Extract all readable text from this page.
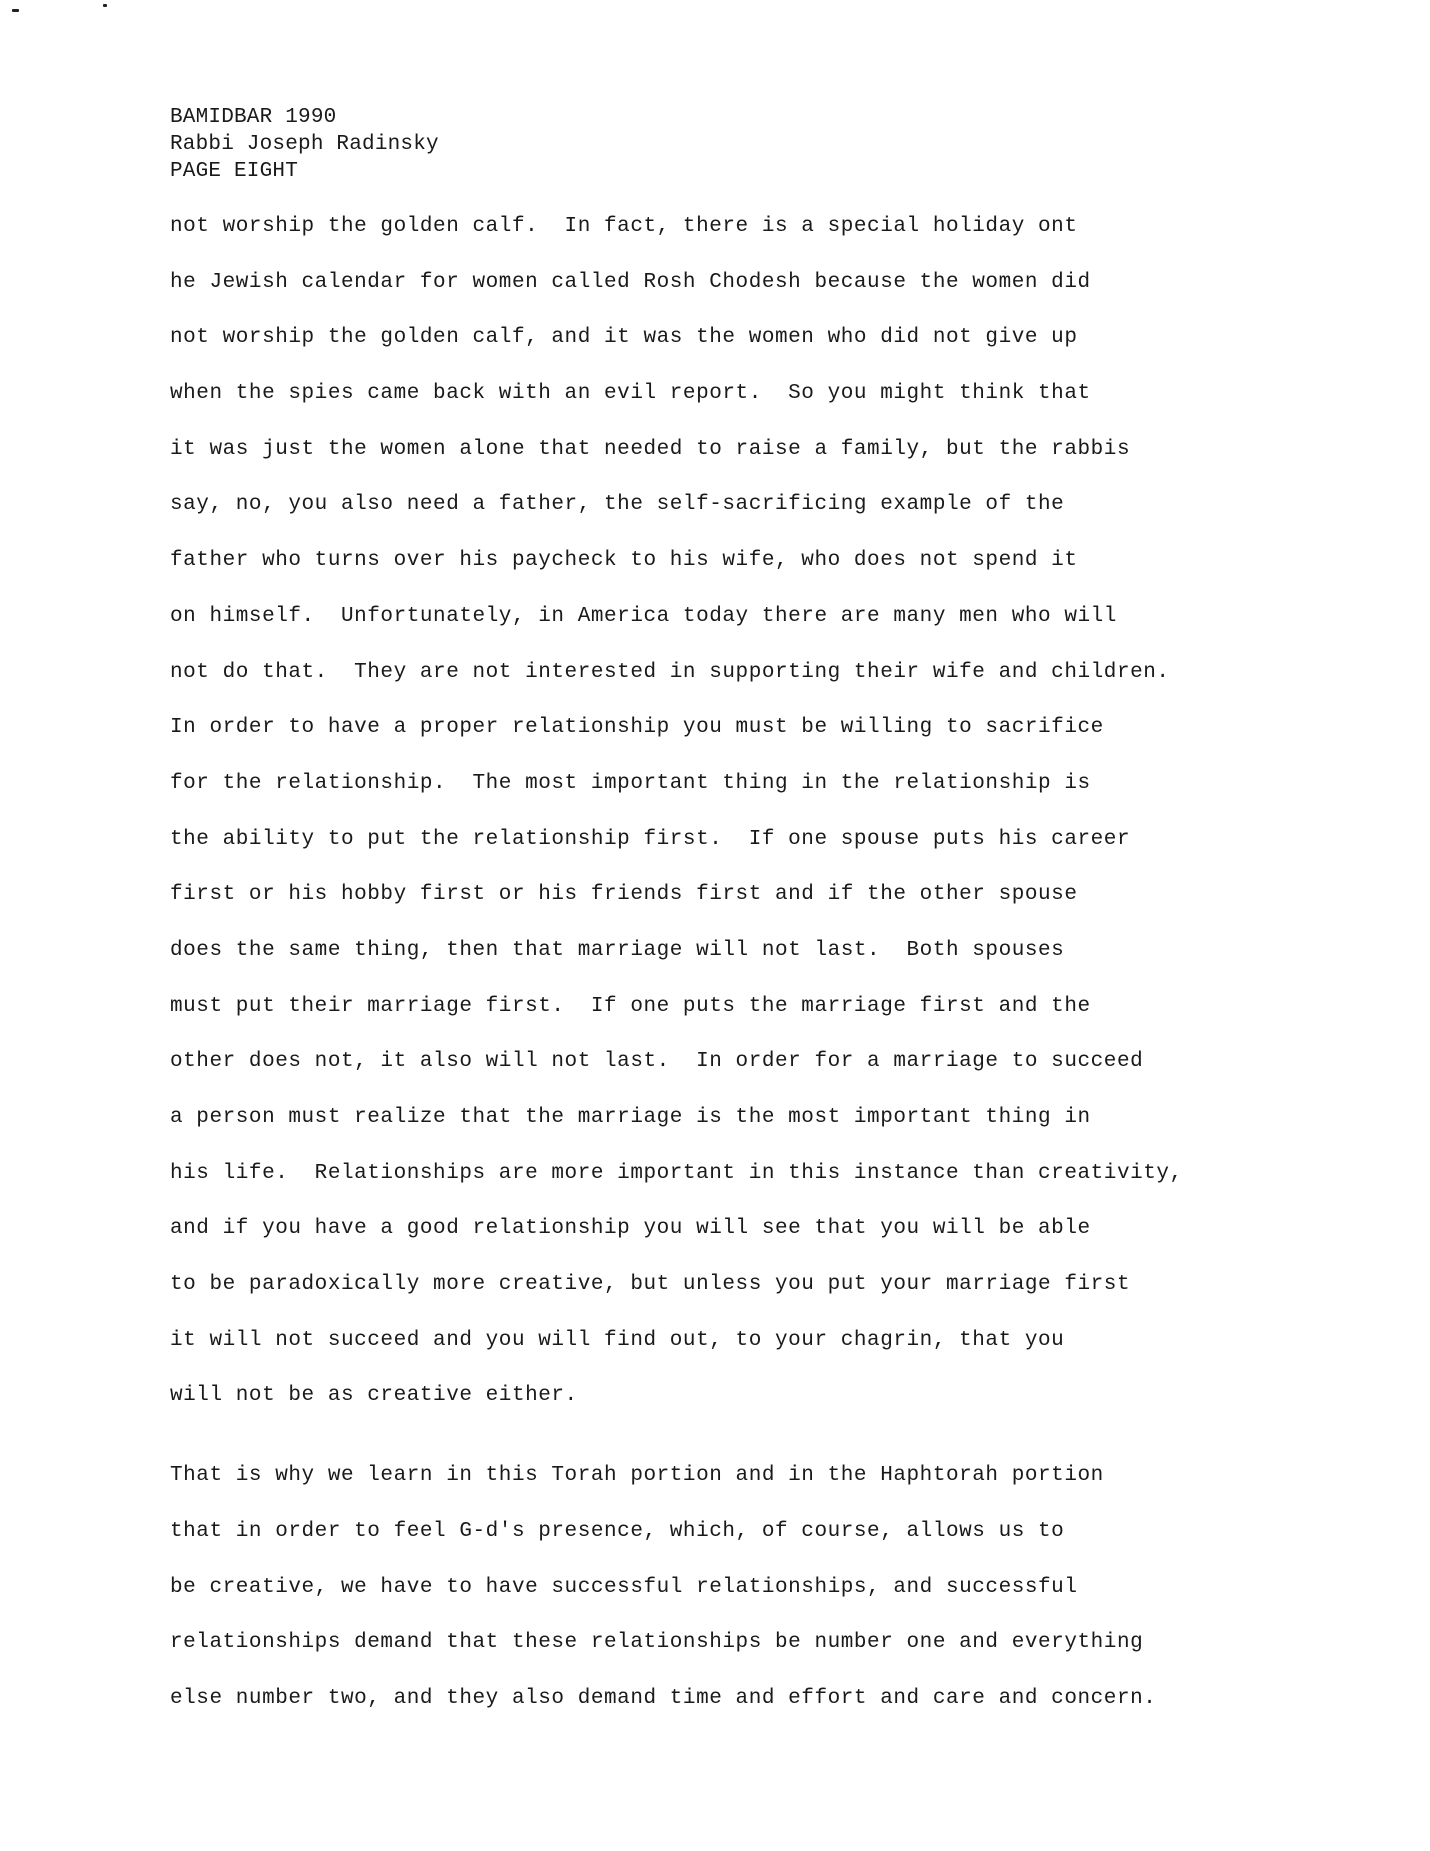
BAMIDBAR 1990
Rabbi Joseph Radinsky
PAGE EIGHT
not worship the golden calf.  In fact, there is a special holiday ont
he Jewish calendar for women called Rosh Chodesh because the women did
not worship the golden calf, and it was the women who did not give up
when the spies came back with an evil report.  So you might think that
it was just the women alone that needed to raise a family, but the rabbis
say, no, you also need a father, the self-sacrificing example of the
father who turns over his paycheck to his wife, who does not spend it
on himself.  Unfortunately, in America today there are many men who will
not do that.  They are not interested in supporting their wife and children.
In order to have a proper relationship you must be willing to sacrifice
for the relationship.  The most important thing in the relationship is
the ability to put the relationship first.  If one spouse puts his career
first or his hobby first or his friends first and if the other spouse
does the same thing, then that marriage will not last.  Both spouses
must put their marriage first.  If one puts the marriage first and the
other does not, it also will not last.  In order for a marriage to succeed
a person must realize that the marriage is the most important thing in
his life.  Relationships are more important in this instance than creativity,
and if you have a good relationship you will see that you will be able
to be paradoxically more creative, but unless you put your marriage first
it will not succeed and you will find out, to your chagrin, that you
will not be as creative either.
That is why we learn in this Torah portion and in the Haphtorah portion
that in order to feel G-d's presence, which, of course, allows us to
be creative, we have to have successful relationships, and successful
relationships demand that these relationships be number one and everything
else number two, and they also demand time and effort and care and concern.
